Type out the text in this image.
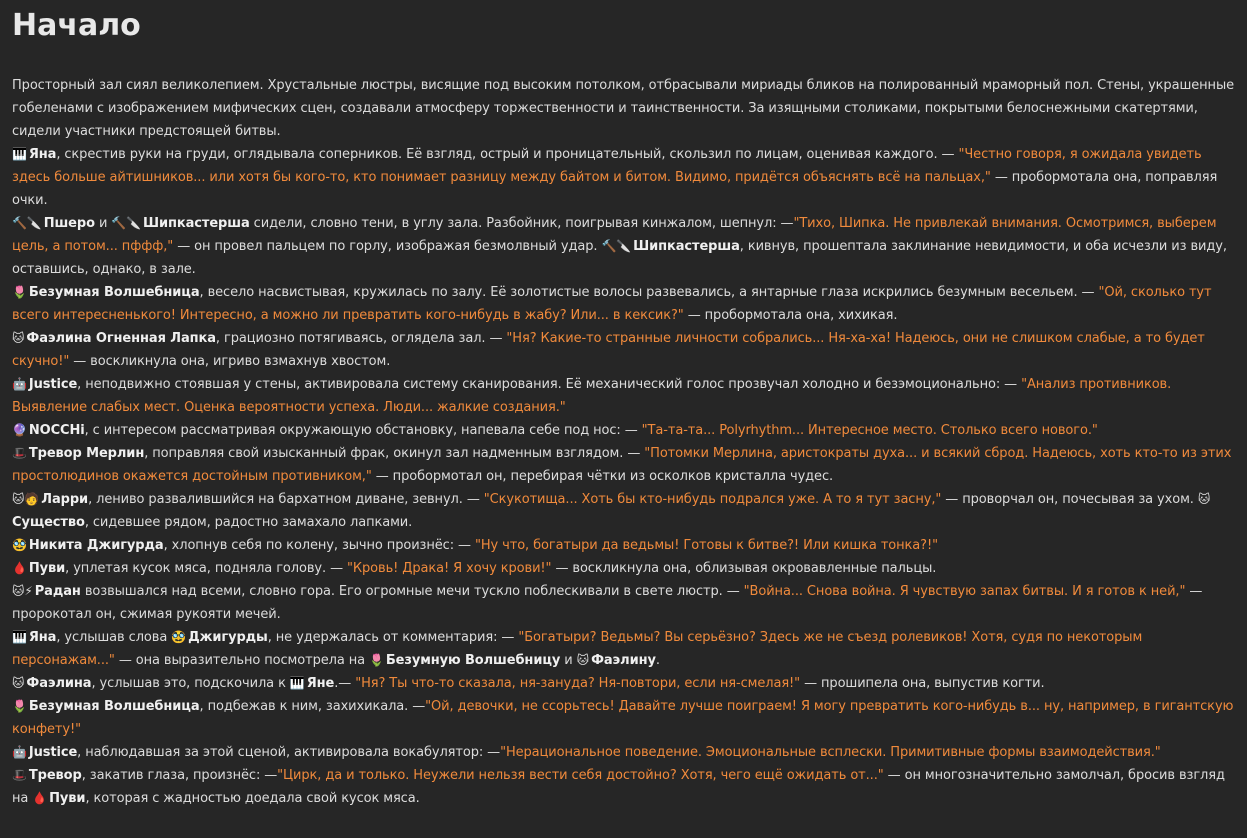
Начало

Просторный зал сиял великолепием. Хрустальные люстры, висящие под высоким потолком, отбрасывали мириады бликов на полированный мраморный пол. Стены, украшенные гобеленами с изображением мифических сцен, создавали атмосферу торжественности и таинственности. За изящными столиками, покрытыми белоснежными скатертями, сидели участники предстоящей битвы.

🎹 Яна, скрестив руки на груди, оглядывала соперников. Её взгляд, острый и проницательный, скользил по лицам, оценивая каждого. — "Честно говоря, я ожидала увидеть здесь больше айтишников... или хотя бы кого-то, кто понимает разницу между байтом и битом. Видимо, придётся объяснять всё на пальцах," — пробормотала она, поправляя очки.

🔨🔪 Пшеро и 🔨🔪 Шипкастерша сидели, словно тени, в углу зала. Разбойник, поигрывая кинжалом, шепнул: —"Тихо, Шипка. Не привлекай внимания. Осмотримся, выберем цель, а потом... пффф," — он провел пальцем по горлу, изображая безмолвный удар. 🔨🔪 Шипкастерша, кивнув, прошептала заклинание невидимости, и оба исчезли из виду, оставшись, однако, в зале.

🌷 Безумная Волшебница, весело насвистывая, кружилась по залу. Её золотистые волосы развевались, а янтарные глаза искрились безумным весельем. — "Ой, сколько тут всего интересненького! Интересно, а можно ли превратить кого-нибудь в жабу? Или... в кексик?" — пробормотала она, хихикая.

🐱 Фаэлина Огненная Лапка, грациозно потягиваясь, оглядела зал. — "Ня? Какие-то странные личности собрались... Ня-ха-ха! Надеюсь, они не слишком слабые, а то будет скучно!" — воскликнула она, игриво взмахнув хвостом.

🤖 Justice, неподвижно стоявшая у стены, активировала систему сканирования. Её механический голос прозвучал холодно и безэмоционально: — "Анализ противников. Выявление слабых мест. Оценка вероятности успеха. Люди... жалкие создания."

🔮 NOCCHi, с интересом рассматривая окружающую обстановку, напевала себе под нос: — "Та-та-та... Polyrhythm... Интересное место. Столько всего нового."

🎩 Тревор Мерлин, поправляя свой изысканный фрак, окинул зал надменным взглядом. — "Потомки Мерлина, аристократы духа... и всякий сброд. Надеюсь, хоть кто-то из этих простолюдинов окажется достойным противником," — пробормотал он, перебирая чётки из осколков кристалла чудес.

🐱🧑 Ларри, лениво развалившийся на бархатном диване, зевнул. — "Скукотища... Хоть бы кто-нибудь подрался уже. А то я тут засну," — проворчал он, почесывая за ухом. 🐱Существо, сидевшее рядом, радостно замахало лапками.

🥸 Никита Джигурда, хлопнув себя по колену, зычно произнёс: — "Ну что, богатыри да ведьмы! Готовы к битве?! Или кишка тонка?!"

🩸 Пуви, уплетая кусок мяса, подняла голову. — "Кровь! Драка! Я хочу крови!" — воскликнула она, облизывая окровавленные пальцы.

🐱⚡ Радан возвышался над всеми, словно гора. Его огромные мечи тускло поблескивали в свете люстр. — "Война... Снова война. Я чувствую запах битвы. И я готов к ней," — пророкотал он, сжимая рукояти мечей.

🎹 Яна, услышав слова 🥸 Джигурды, не удержалась от комментария: — "Богатыри? Ведьмы? Вы серьёзно? Здесь же не съезд ролевиков! Хотя, судя по некоторым персонажам..." — она выразительно посмотрела на 🌷 Безумную Волшебницу и 🐱 Фаэлину.

🐱 Фаэлина, услышав это, подскочила к 🎹 Яне.— "Ня? Ты что-то сказала, ня-зануда? Ня-повтори, если ня-смелая!" — прошипела она, выпустив когти.

🌷 Безумная Волшебница, подбежав к ним, захихикала. —"Ой, девочки, не ссорьтесь! Давайте лучше поиграем! Я могу превратить кого-нибудь в... ну, например, в гигантскую конфету!"

🤖 Justice, наблюдавшая за этой сценой, активировала вокабулятор: —"Нерациональное поведение. Эмоциональные всплески. Примитивные формы взаимодействия."

🎩 Тревор, закатив глаза, произнёс: —"Цирк, да и только. Неужели нельзя вести себя достойно? Хотя, чего ещё ожидать от..." — он многозначительно замолчал, бросив взгляд на 🩸 Пуви, которая с жадностью доедала свой кусок мяса.
